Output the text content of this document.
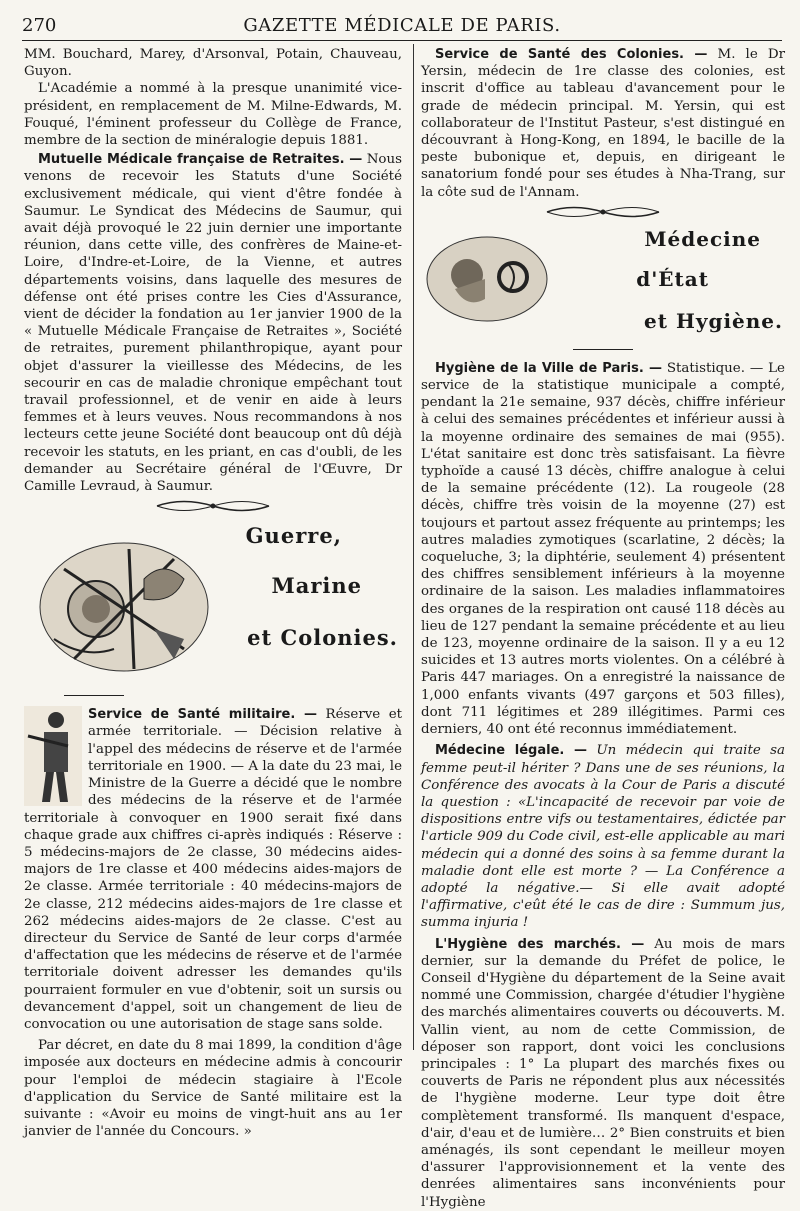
270	GAZETTE MÉDICALE DE PARIS.

MM. Bouchard, Marey, d'Arsonval, Potain, Chauveau, Guyon.

L'Académie a nommé à la presque unanimité vice-président, en remplacement de M. Milne-Edwards, M. Fouqué, l'éminent professeur du Collège de France, membre de la section de minéralogie depuis 1881.

Mutuelle Médicale française de Retraites. — Nous venons de recevoir les Statuts d'une Société exclusivement médicale, qui vient d'être fondée à Saumur. Le Syndicat des Médecins de Saumur, qui avait déjà provoqué le 22 juin dernier une importante réunion, dans cette ville, des confrères de Maine-et-Loire, d'Indre-et-Loire, de la Vienne, et autres départements voisins, dans laquelle des mesures de défense ont été prises contre les Cies d'Assurance, vient de décider la fondation au 1er janvier 1900 de la « Mutuelle Médicale Française de Retraites », Société de retraites, purement philanthropique, ayant pour objet d'assurer la vieillesse des Médecins, de les secourir en cas de maladie chronique empêchant tout travail professionnel, et de venir en aide à leurs femmes et à leurs veuves. Nous recommandons à nos lecteurs cette jeune Société dont beaucoup ont dû déjà recevoir les statuts, en les priant, en cas d'oubli, de les demander au Secrétaire général de l'Œuvre, Dr Camille Levraud, à Saumur.

Guerre,
Marine
et Colonies.

Service de Santé militaire. — Réserve et armée territoriale. — Décision relative à l'appel des médecins de réserve et de l'armée territoriale en 1900. — A la date du 23 mai, le Ministre de la Guerre a décidé que le nombre des médecins de la réserve et de l'armée territoriale à convoquer en 1900 serait fixé dans chaque grade aux chiffres ci-après indiqués : Réserve : 5 médecins-majors de 2e classe, 30 médecins aides-majors de 1re classe et 400 médecins aides-majors de 2e classe. Armée territoriale : 40 médecins-majors de 2e classe, 212 médecins aides-majors de 1re classe et 262 médecins aides-majors de 2e classe. C'est au directeur du Service de Santé de leur corps d'armée d'affectation que les médecins de réserve et de l'armée territoriale doivent adresser les demandes qu'ils pourraient formuler en vue d'obtenir, soit un sursis ou devancement d'appel, soit un changement de lieu de convocation ou une autorisation de stage sans solde.

Par décret, en date du 8 mai 1899, la condition d'âge imposée aux docteurs en médecine admis à concourir pour l'emploi de médecin stagiaire à l'Ecole d'application du Service de Santé militaire est la suivante : «Avoir eu moins de vingt-huit ans au 1er janvier de l'année du Concours. »

Service de Santé des Colonies. — M. le Dr Yersin, médecin de 1re classe des colonies, est inscrit d'office au tableau d'avancement pour le grade de médecin principal. M. Yersin, qui est collaborateur de l'Institut Pasteur, s'est distingué en découvrant à Hong-Kong, en 1894, le bacille de la peste bubonique et, depuis, en dirigeant le sanatorium fondé pour ses études à Nha-Trang, sur la côte sud de l'Annam.

Médecine
d'État
et Hygiène.

Hygiène de la Ville de Paris. — Statistique. — Le service de la statistique municipale a compté, pendant la 21e semaine, 937 décès, chiffre inférieur à celui des semaines précédentes et inférieur aussi à la moyenne ordinaire des semaines de mai (955). L'état sanitaire est donc très satisfaisant. La fièvre typhoïde a causé 13 décès, chiffre analogue à celui de la semaine précédente (12). La rougeole (28 décès, chiffre très voisin de la moyenne (27) est toujours et partout assez fréquente au printemps; les autres maladies zymotiques (scarlatine, 2 décès; la coqueluche, 3; la diphtérie, seulement 4) présentent des chiffres sensiblement inférieurs à la moyenne ordinaire de la saison. Les maladies inflammatoires des organes de la respiration ont causé 118 décès au lieu de 127 pendant la semaine précédente et au lieu de 123, moyenne ordinaire de la saison. Il y a eu 12 suicides et 13 autres morts violentes. On a célébré à Paris 447 mariages. On a enregistré la naissance de 1,000 enfants vivants (497 garçons et 503 filles), dont 711 légitimes et 289 illégitimes. Parmi ces derniers, 40 ont été reconnus immédiatement.

Médecine légale. — Un médecin qui traite sa femme peut-il hériter ? Dans une de ses réunions, la Conférence des avocats à la Cour de Paris a discuté la question : «L'incapacité de recevoir par voie de dispositions entre vifs ou testamentaires, édictée par l'article 909 du Code civil, est-elle applicable au mari médecin qui a donné des soins à sa femme durant la maladie dont elle est morte ? — La Conférence a adopté la négative.— Si elle avait adopté l'affirmative, c'eût été le cas de dire : Summum jus, summa injuria !

L'Hygiène des marchés. — Au mois de mars dernier, sur la demande du Préfet de police, le Conseil d'Hygiène du département de la Seine avait nommé une Commission, chargée d'étudier l'hygiène des marchés alimentaires couverts ou découverts. M. Vallin vient, au nom de cette Commission, de déposer son rapport, dont voici les conclusions principales : 1° La plupart des marchés fixes ou couverts de Paris ne répondent plus aux nécessités de l'hygiène moderne. Leur type doit être complètement transformé. Ils manquent d'espace, d'air, d'eau et de lumière… 2° Bien construits et bien aménagés, ils sont cependant le meilleur moyen d'assurer l'approvisionnement et la vente des denrées alimentaires sans inconvénients pour l'Hygiène
